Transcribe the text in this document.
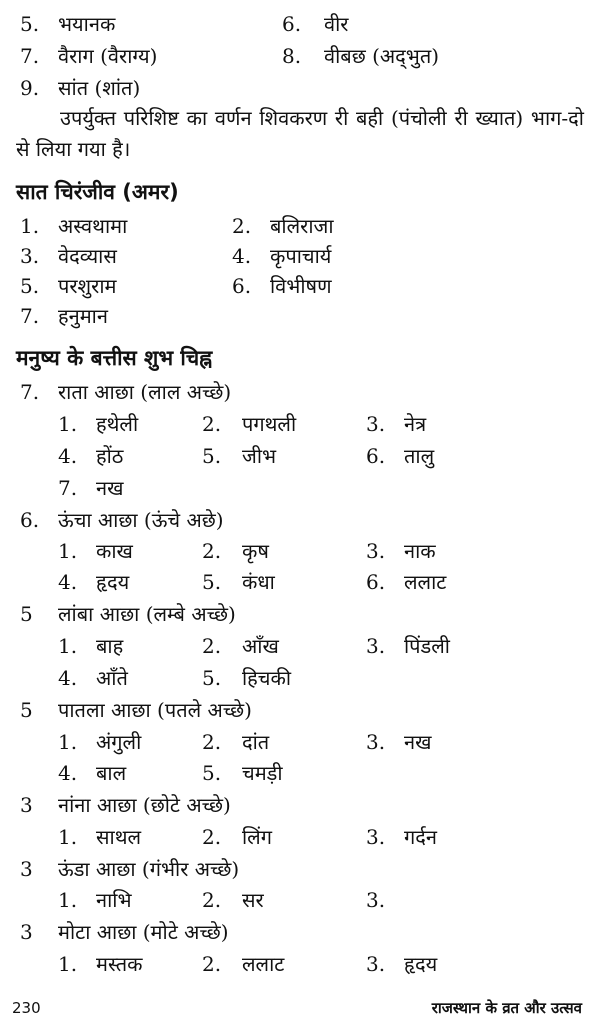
5. भयानक	6. वीर
7. वैराग (वैराग्य)	8. वीबछ (अद्‌भुत)
9. सांत (शांत)
उपर्युक्त परिशिष्ट का वर्णन शिवकरण री बही (पंचोली री ख्यात) भाग-दो से लिया गया है।
सात चिरंजीव (अमर)
1. अस्वथामा	2. बलिराजा
3. वेदव्यास	4. कृपाचार्य
5. परशुराम	6. विभीषण
7. हनुमान
मनुष्य के बत्तीस शुभ चिह्न
7. राता आछा (लाल अच्छे)
1. हथेली	2. पगथली	3. नेत्र
4. होंठ	5. जीभ	6. तालु
7. नख
6. ऊंचा आछा (ऊंचे अछे)
1. काख	2. कृष	3. नाक
4. हृदय	5. कंधा	6. ललाट
5 लांबा आछा (लम्बे अच्छे)
1. बाह	2. आँख	3. पिंडली
4. आँते	5. हिचकी
5 पातला आछा (पतले अच्छे)
1. अंगुली	2. दांत	3. नख
4. बाल	5. चमड़ी
3 नांना आछा (छोटे अच्छे)
1. साथल	2. लिंग	3. गर्दन
3 ऊंडा आछा (गंभीर अच्छे)
1. नाभि	2. सर	3.
3 मोटा आछा (मोटे अच्छे)
1. मस्तक	2. ललाट	3. हृदय
230	राजस्थान के व्रत और उत्सव
